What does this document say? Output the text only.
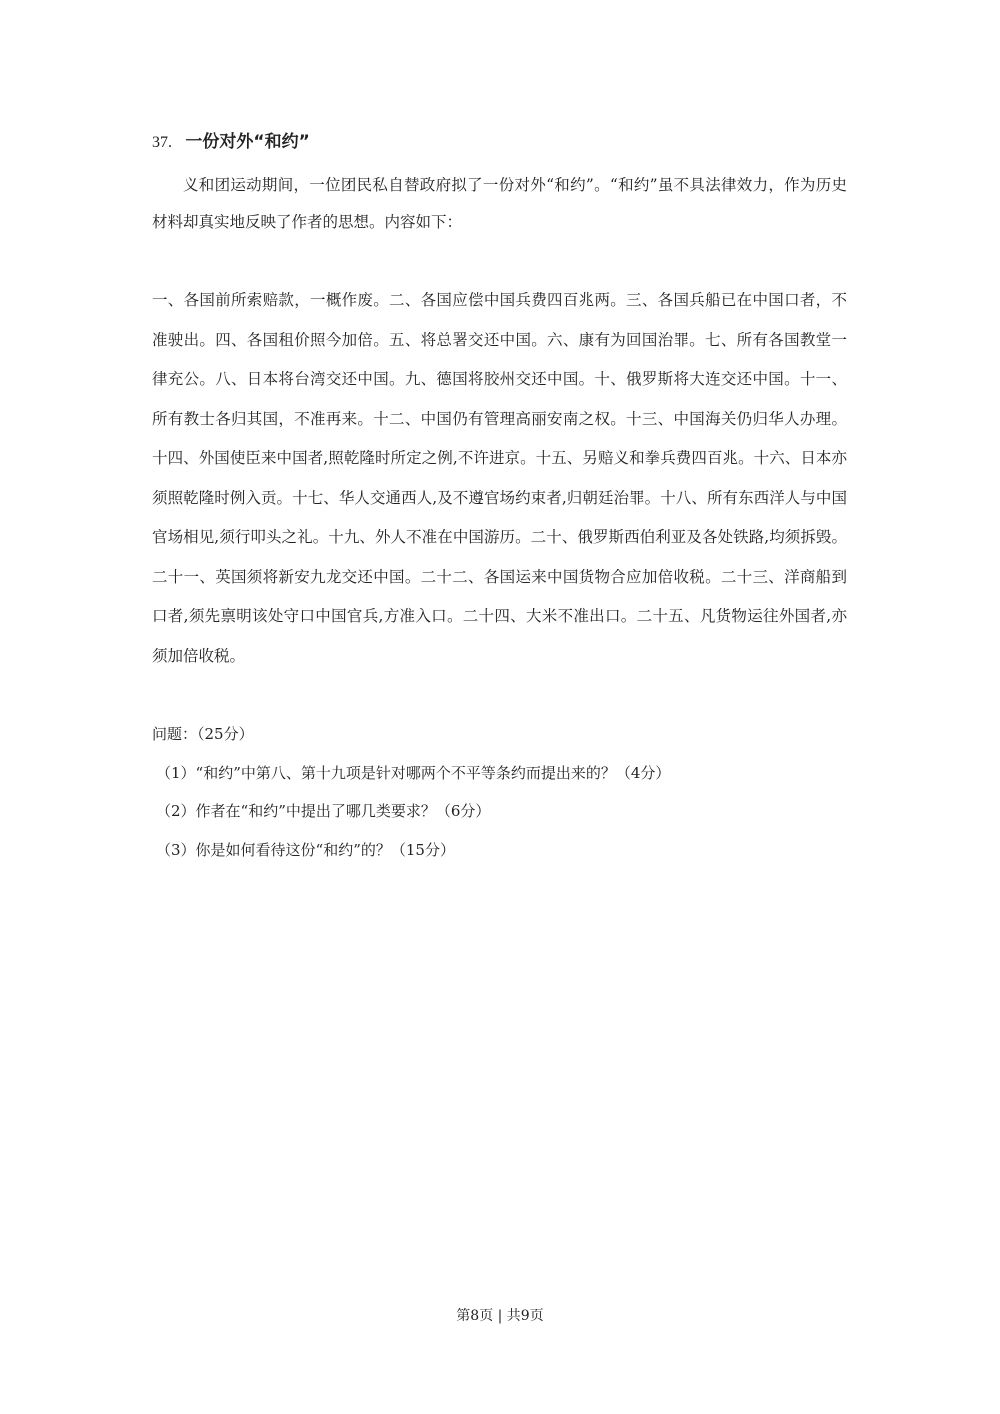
37. 一份对外“和约”

义和团运动期间，一位团民私自替政府拟了一份对外“和约”。“和约”虽不具法律效力，作为历史材料却真实地反映了作者的思想。内容如下：

一、各国前所索赔款，一概作废。二、各国应偿中国兵费四百兆两。三、各国兵船已在中国口者，不准驶出。四、各国租价照今加倍。五、将总署交还中国。六、康有为回国治罪。七、所有各国教堂一律充公。八、日本将台湾交还中国。九、德国将胶州交还中国。十、俄罗斯将大连交还中国。十一、所有教士各归其国，不准再来。十二、中国仍有管理高丽安南之权。十三、中国海关仍归华人办理。十四、外国使臣来中国者,照乾隆时所定之例,不许进京。十五、另赔义和拳兵费四百兆。十六、日本亦须照乾隆时例入贡。十七、华人交通西人,及不遵官场约束者,归朝廷治罪。十八、所有东西洋人与中国官场相见,须行叩头之礼。十九、外人不准在中国游历。二十、俄罗斯西伯利亚及各处铁路,均须拆毁。二十一、英国须将新安九龙交还中国。二十二、各国运来中国货物合应加倍收税。二十三、洋商船到口者,须先禀明该处守口中国官兵,方准入口。二十四、大米不准出口。二十五、凡货物运往外国者,亦须加倍收税。

问题：（25分）
（1）“和约”中第八、第十九项是针对哪两个不平等条约而提出来的？（4分）
（2）作者在“和约”中提出了哪几类要求？（6分）
（3）你是如何看待这份“和约”的？（15分）
第8页 | 共9页
